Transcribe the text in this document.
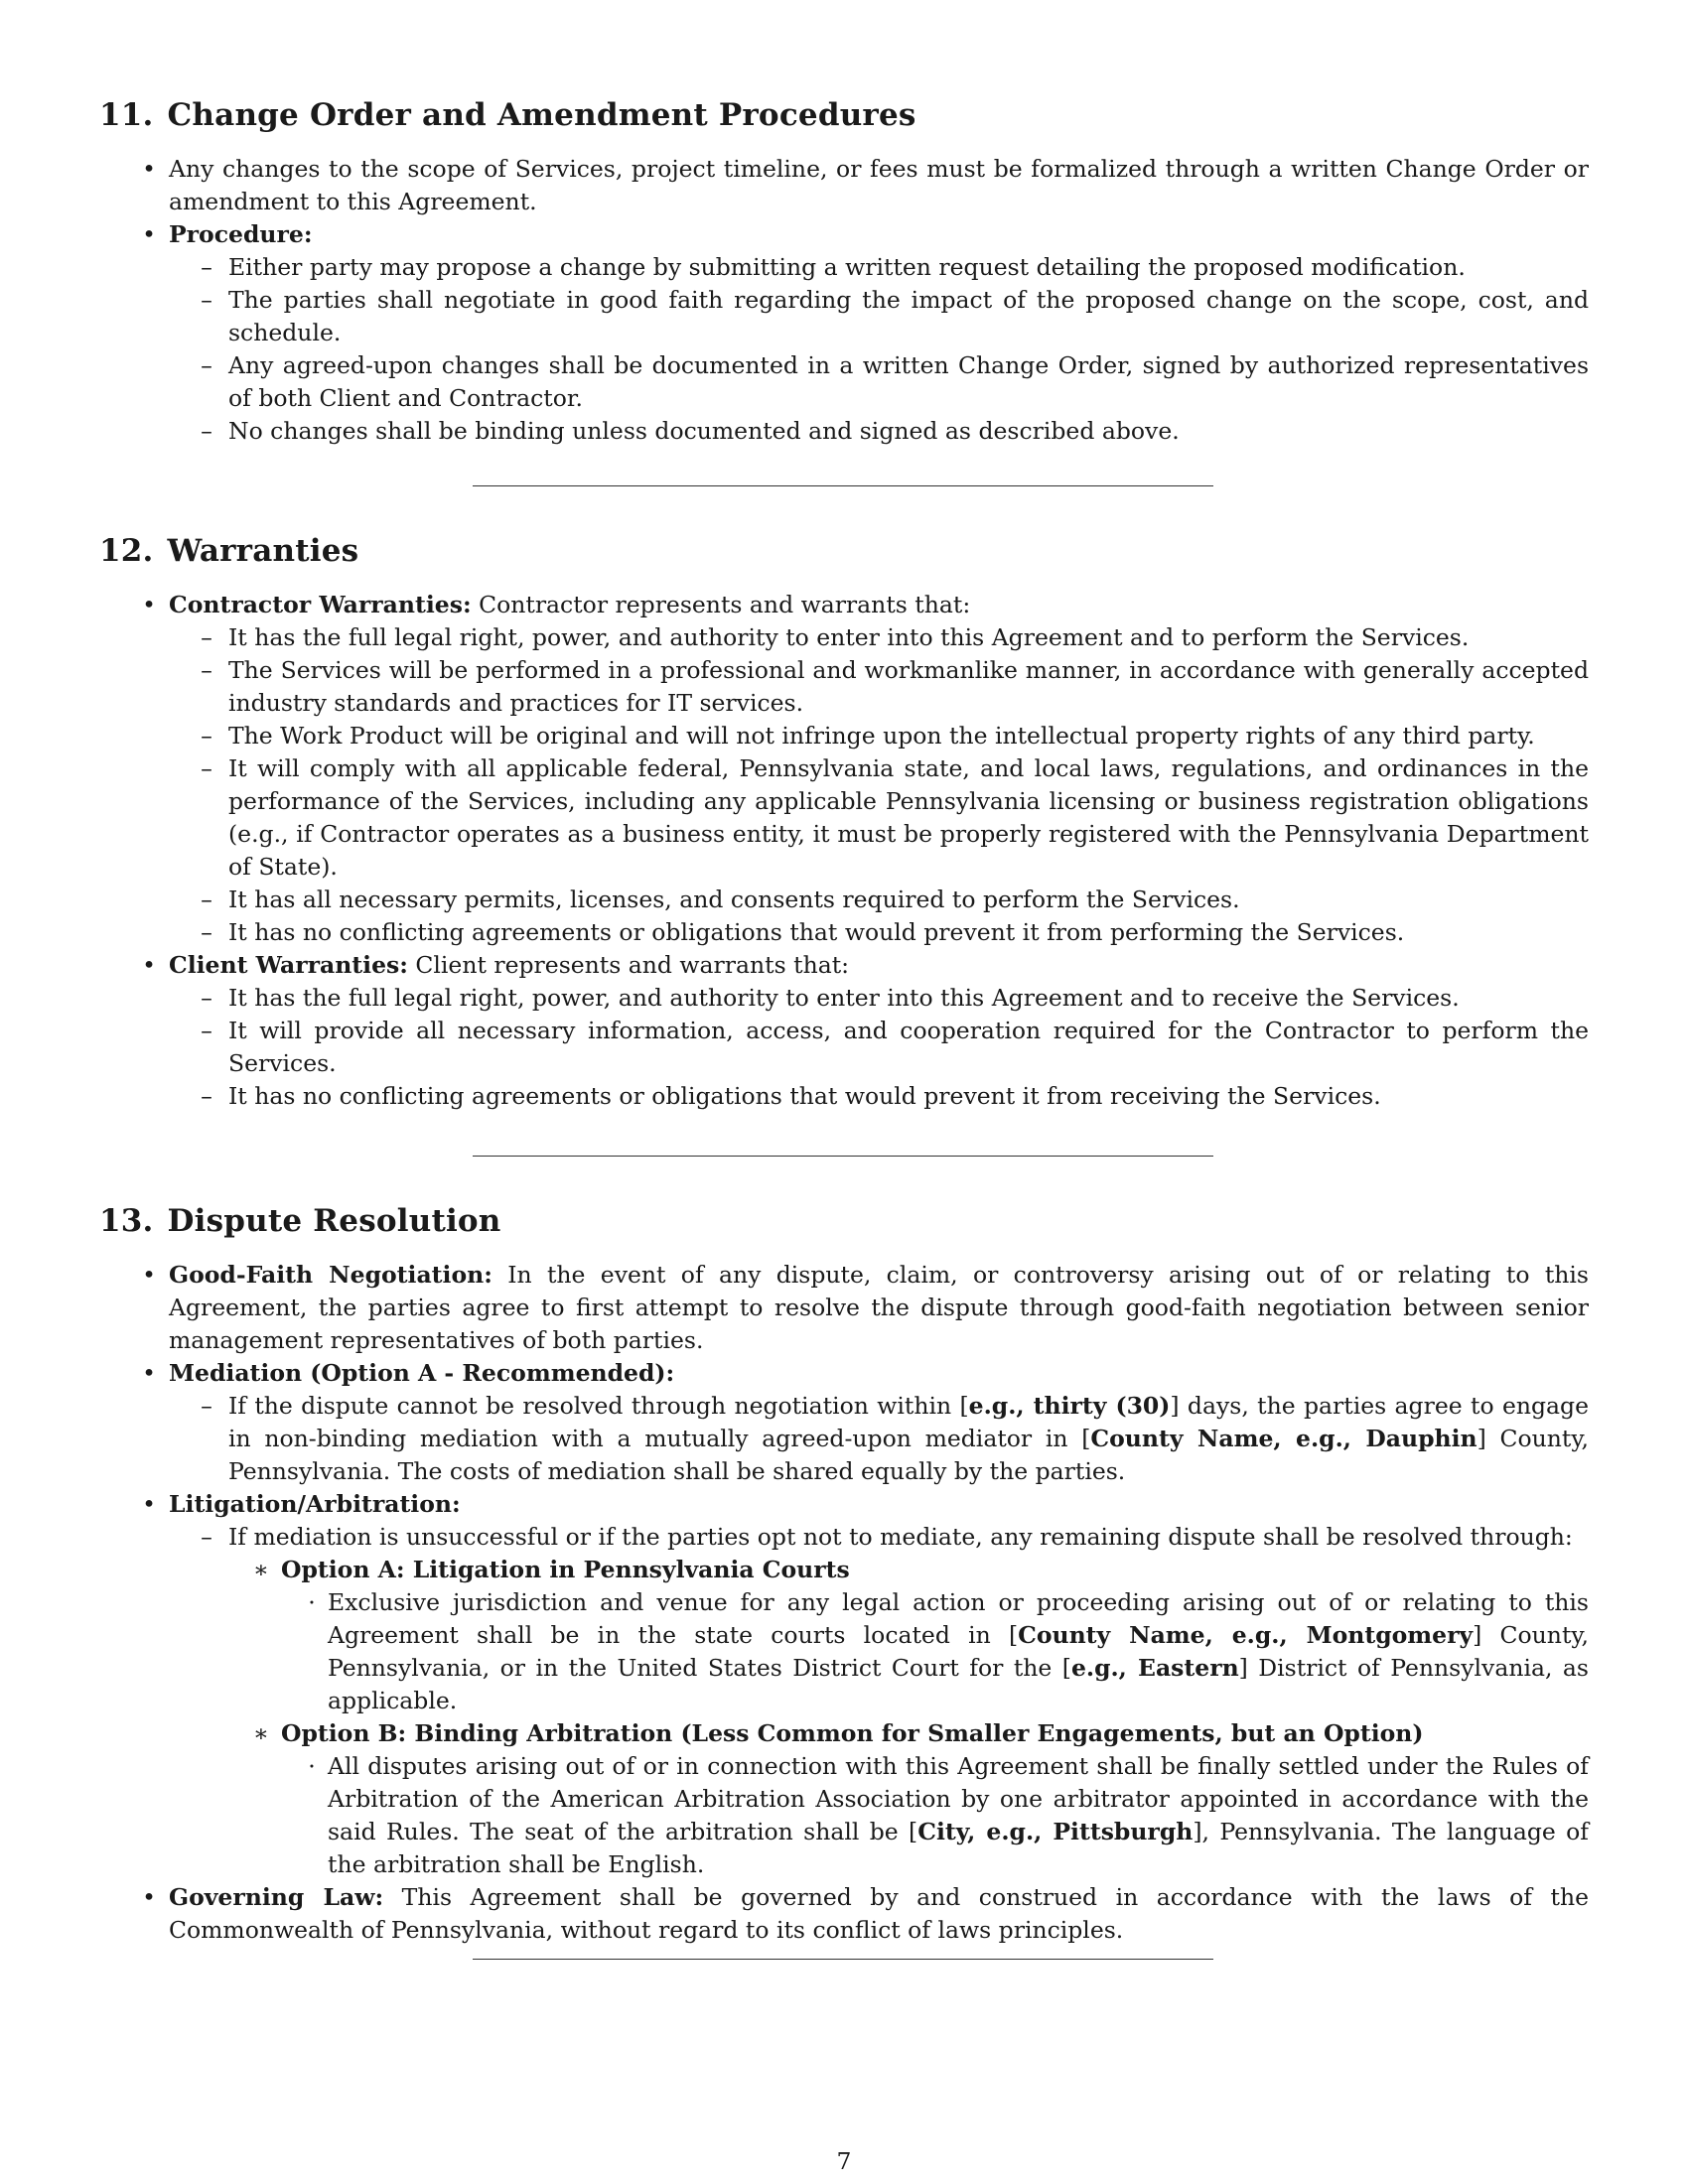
11. Change Order and Amendment Procedures
• Any changes to the scope of Services, project timeline, or fees must be formalized through a written Change Order or amendment to this Agreement.
• Procedure:
– Either party may propose a change by submitting a written request detailing the proposed modification.
– The parties shall negotiate in good faith regarding the impact of the proposed change on the scope, cost, and schedule.
– Any agreed-upon changes shall be documented in a written Change Order, signed by authorized representatives of both Client and Contractor.
– No changes shall be binding unless documented and signed as described above.
12. Warranties
• Contractor Warranties: Contractor represents and warrants that:
– It has the full legal right, power, and authority to enter into this Agreement and to perform the Services.
– The Services will be performed in a professional and workmanlike manner, in accordance with generally accepted industry standards and practices for IT services.
– The Work Product will be original and will not infringe upon the intellectual property rights of any third party.
– It will comply with all applicable federal, Pennsylvania state, and local laws, regulations, and ordinances in the performance of the Services, including any applicable Pennsylvania licensing or business registration obligations (e.g., if Contractor operates as a business entity, it must be properly registered with the Pennsylvania Department of State).
– It has all necessary permits, licenses, and consents required to perform the Services.
– It has no conflicting agreements or obligations that would prevent it from performing the Services.
• Client Warranties: Client represents and warrants that:
– It has the full legal right, power, and authority to enter into this Agreement and to receive the Services.
– It will provide all necessary information, access, and cooperation required for the Contractor to perform the Services.
– It has no conflicting agreements or obligations that would prevent it from receiving the Services.
13. Dispute Resolution
• Good-Faith Negotiation: In the event of any dispute, claim, or controversy arising out of or relating to this Agreement, the parties agree to first attempt to resolve the dispute through good-faith negotiation between senior management representatives of both parties.
• Mediation (Option A - Recommended):
– If the dispute cannot be resolved through negotiation within [e.g., thirty (30)] days, the parties agree to engage in non-binding mediation with a mutually agreed-upon mediator in [County Name, e.g., Dauphin] County, Pennsylvania. The costs of mediation shall be shared equally by the parties.
• Litigation/Arbitration:
– If mediation is unsuccessful or if the parties opt not to mediate, any remaining dispute shall be resolved through:
∗ Option A: Litigation in Pennsylvania Courts
· Exclusive jurisdiction and venue for any legal action or proceeding arising out of or relating to this Agreement shall be in the state courts located in [County Name, e.g., Montgomery] County, Pennsylvania, or in the United States District Court for the [e.g., Eastern] District of Pennsylvania, as applicable.
∗ Option B: Binding Arbitration (Less Common for Smaller Engagements, but an Option)
· All disputes arising out of or in connection with this Agreement shall be finally settled under the Rules of Arbitration of the American Arbitration Association by one arbitrator appointed in accordance with the said Rules. The seat of the arbitration shall be [City, e.g., Pittsburgh], Pennsylvania. The language of the arbitration shall be English.
• Governing Law: This Agreement shall be governed by and construed in accordance with the laws of the Commonwealth of Pennsylvania, without regard to its conflict of laws principles.
7
